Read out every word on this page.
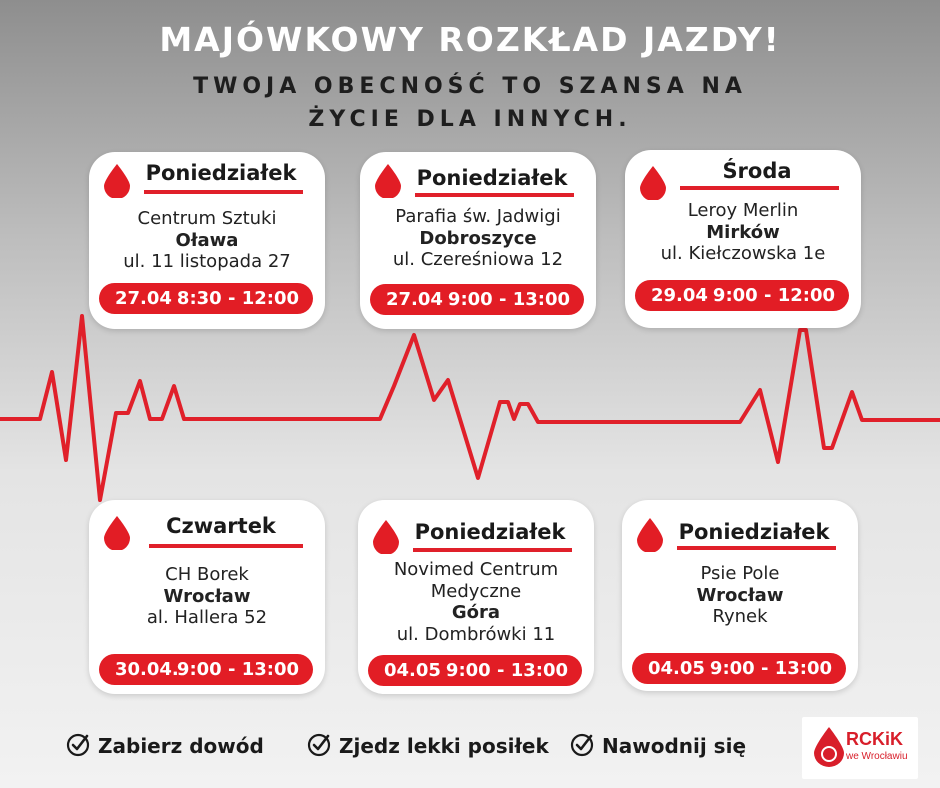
MAJÓWKOWY ROZKŁAD JAZDY!
TWOJA OBECNOŚĆ TO SZANSA NA ŻYCIE DLA INNYCH.
Poniedziałek
Centrum Sztuki
Oława
ul. 11 listopada 27
27.04 8:30 - 12:00
Poniedziałek
Parafia św. Jadwigi
Dobroszyce
ul. Czereśniowa 12
27.04 9:00 - 13:00
Środa
Leroy Merlin
Mirków
ul. Kiełczowska 1e
29.04 9:00 - 12:00
Czwartek
CH Borek
Wrocław
al. Hallera 52
30.04.
9:00 - 13:00
Poniedziałek
Novimed Centrum Medyczne
Góra
ul. Dombrówki 11
04.05 9:00 - 13:00
Poniedziałek
Psie Pole
Wrocław
Rynek
04.05 9:00 - 13:00
Zabierz dowód	Zjedz lekki posiłek	Nawodnij się	RCKiK
we Wrocławiu
